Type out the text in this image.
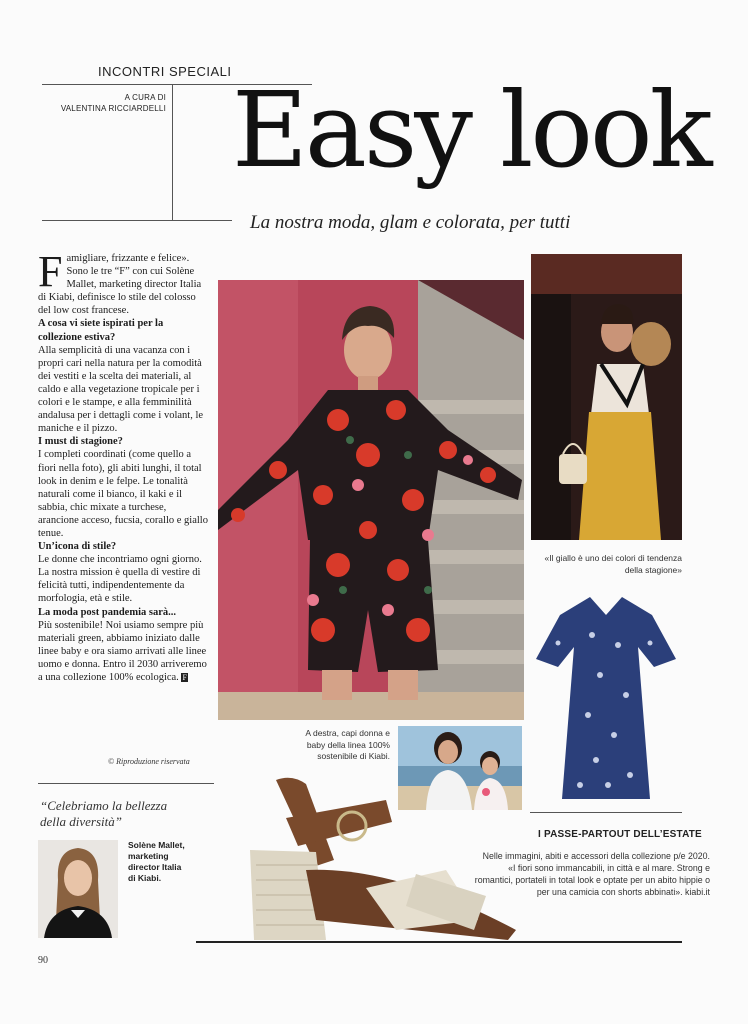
INCONTRI SPECIALI
A CURA DI
VALENTINA RICCIARDELLI Easy look
La nostra moda, glam e colorata, per tutti

Famigliare, frizzante e felice». Sono le tre “F” con cui Solène Mallet, marketing director Italia di Kiabi, definisce lo stile del colosso del low cost francese.

A cosa vi siete ispirati per la collezione estiva?

Alla semplicità di una vacanza con i propri cari nella natura per la comodità dei vestiti e la scelta dei materiali, al caldo e alla vegetazione tropicale per i colori e le stampe, e alla femminilità andalusa per i dettagli come i volant, le maniche e il pizzo.

I must di stagione?

I completi coordinati (come quello a fiori nella foto), gli abiti lunghi, il total look in denim e le felpe. Le tonalità naturali come il bianco, il kaki e il sabbia, chic mixate a turchese, arancione acceso, fucsia, corallo e giallo tenue.

Un’icona di stile?

Le donne che incontriamo ogni giorno. La nostra mission è quella di vestire di felicità tutti, indipendentemente da morfologia, età e stile.

La moda post pandemia sarà...

Più sostenibile! Noi usiamo sempre più materiali green, abbiamo iniziato dalle linee baby e ora siamo arrivati alle linee uomo e donna. Entro il 2030 arriveremo a una collezione 100% ecologica. F

© Riproduzione riservata
“Celebriamo la bellezza della diversità”
Solène Mallet,
marketing
director Italia
di Kiabi.
90
«Il giallo è uno dei colori di tendenza della stagione»
A destra, capi donna e baby della linea 100% sostenibile di Kiabi.
I PASSE-PARTOUT DELL’ESTATE
Nelle immagini, abiti e accessori della collezione p/e 2020. «I fiori sono immancabili, in città e al mare. Strong e romantici, portateli in total look e optate per un abito hippie o per una camicia con shorts abbinati». kiabi.it
